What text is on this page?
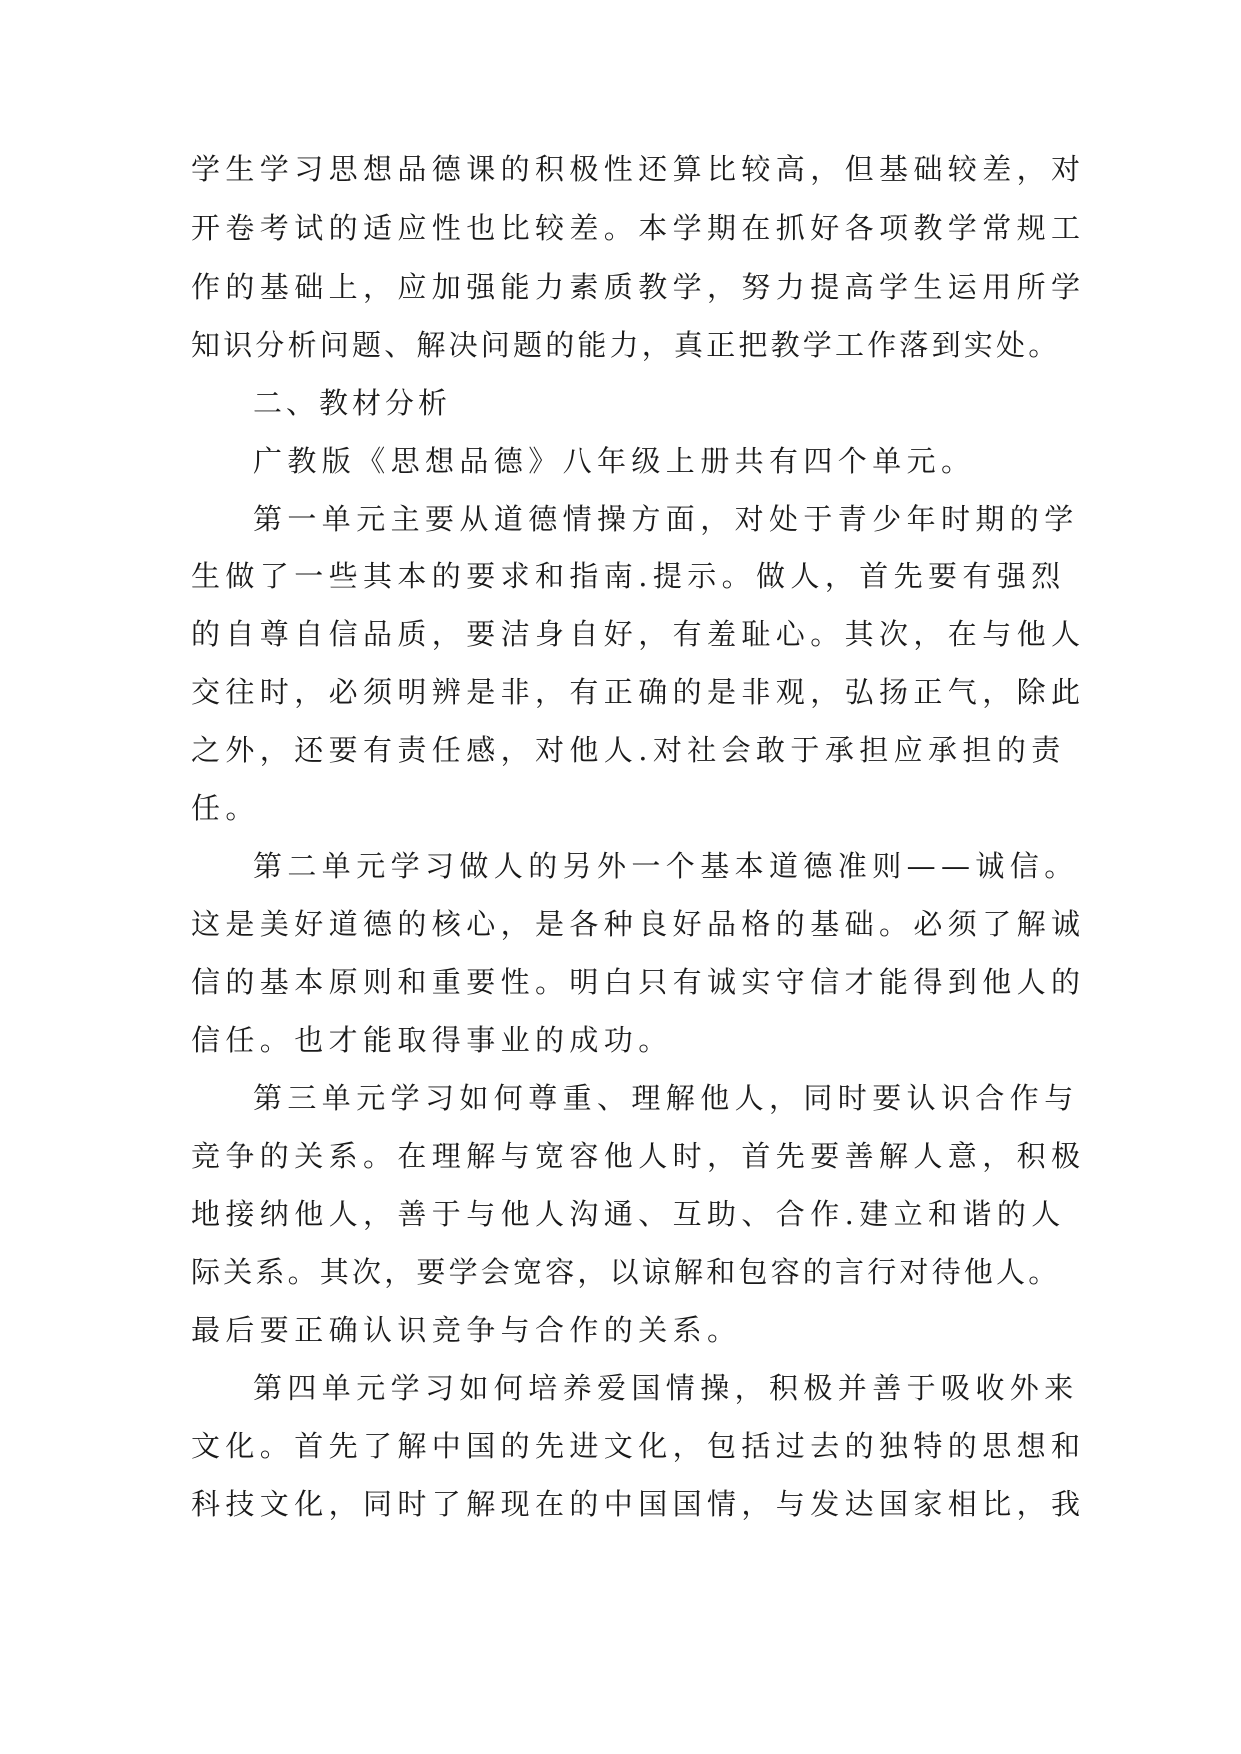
学生学习思想品德课的积极性还算比较高，但基础较差，对
开卷考试的适应性也比较差。本学期在抓好各项教学常规工
作的基础上，应加强能力素质教学，努力提高学生运用所学
知识分析问题、解决问题的能力，真正把教学工作落到实处。
二、教材分析
广教版《思想品德》八年级上册共有四个单元。
第一单元主要从道德情操方面，对处于青少年时期的学
生做了一些其本的要求和指南.提示。做人，首先要有强烈
的自尊自信品质，要洁身自好，有羞耻心。其次，在与他人
交往时，必须明辨是非，有正确的是非观，弘扬正气，除此
之外，还要有责任感，对他人.对社会敢于承担应承担的责
任。
第二单元学习做人的另外一个基本道德准则——诚信。
这是美好道德的核心，是各种良好品格的基础。必须了解诚
信的基本原则和重要性。明白只有诚实守信才能得到他人的
信任。也才能取得事业的成功。
第三单元学习如何尊重、理解他人，同时要认识合作与
竞争的关系。在理解与宽容他人时，首先要善解人意，积极
地接纳他人，善于与他人沟通、互助、合作.建立和谐的人
际关系。其次，要学会宽容，以谅解和包容的言行对待他人。
最后要正确认识竞争与合作的关系。
第四单元学习如何培养爱国情操，积极并善于吸收外来
文化。首先了解中国的先进文化，包括过去的独特的思想和
科技文化，同时了解现在的中国国情，与发达国家相比，我
